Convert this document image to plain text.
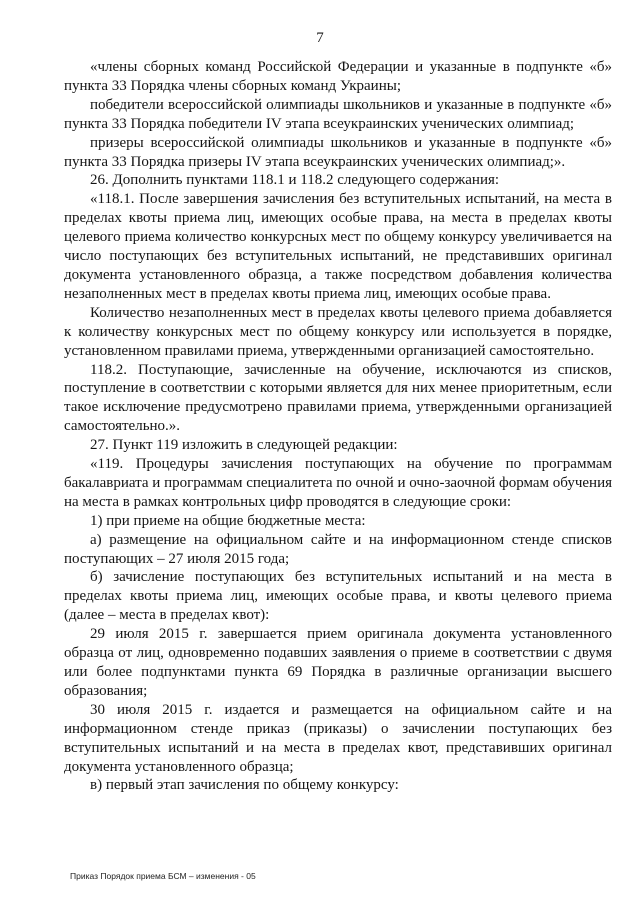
7

«члены сборных команд Российской Федерации и указанные в подпункте «б» пункта 33 Порядка члены сборных команд Украины;

победители всероссийской олимпиады школьников и указанные в подпункте «б» пункта 33 Порядка победители IV этапа всеукраинских ученических олимпиад;

призеры всероссийской олимпиады школьников и указанные в подпункте «б» пункта 33 Порядка призеры IV этапа всеукраинских ученических олимпиад;».

26. Дополнить пунктами 118.1 и 118.2 следующего содержания:

«118.1. После завершения зачисления без вступительных испытаний, на места в пределах квоты приема лиц, имеющих особые права, на места в пределах квоты целевого приема количество конкурсных мест по общему конкурсу увеличивается на число поступающих без вступительных испытаний, не представивших оригинал документа установленного образца, а также посредством добавления количества незаполненных мест в пределах квоты приема лиц, имеющих особые права.

Количество незаполненных мест в пределах квоты целевого приема добавляется к количеству конкурсных мест по общему конкурсу или используется в порядке, установленном правилами приема, утвержденными организацией самостоятельно.

118.2. Поступающие, зачисленные на обучение, исключаются из списков, поступление в соответствии с которыми является для них менее приоритетным, если такое исключение предусмотрено правилами приема, утвержденными организацией самостоятельно.».

27. Пункт 119 изложить в следующей редакции:

«119. Процедуры зачисления поступающих на обучение по программам бакалавриата и программам специалитета по очной и очно-заочной формам обучения на места в рамках контрольных цифр проводятся в следующие сроки:

1) при приеме на общие бюджетные места:

а) размещение на официальном сайте и на информационном стенде списков поступающих – 27 июля 2015 года;

б) зачисление поступающих без вступительных испытаний и на места в пределах квоты приема лиц, имеющих особые права, и квоты целевого приема (далее – места в пределах квот):

29 июля 2015 г. завершается прием оригинала документа установленного образца от лиц, одновременно подавших заявления о приеме в соответствии с двумя или более подпунктами пункта 69 Порядка в различные организации высшего образования;

30 июля 2015 г. издается и размещается на официальном сайте и на информационном стенде приказ (приказы) о зачислении поступающих без вступительных испытаний и на места в пределах квот, представивших оригинал документа установленного образца;

в) первый этап зачисления по общему конкурсу:

Приказ Порядок приема БСМ – изменения - 05
